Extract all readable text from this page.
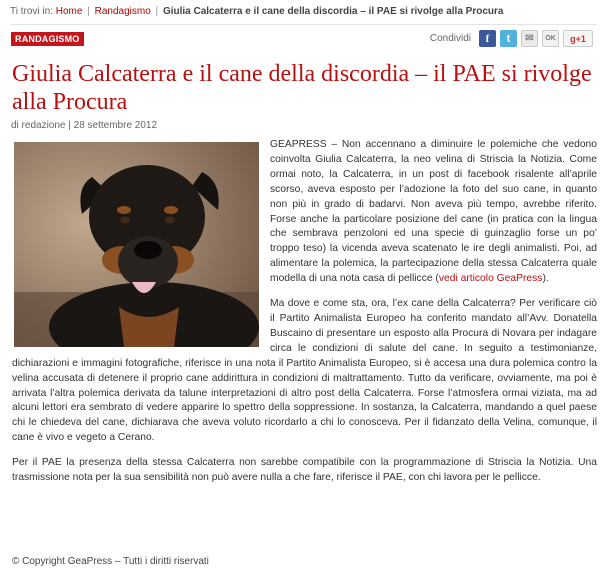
Ti trovi in: Home | Randagismo | Giulia Calcaterra e il cane della discordia – il PAE si rivolge alla Procura
RANDAGISMO	Condividi	f	t	✉	OK	g+1
Giulia Calcaterra e il cane della discordia – il PAE si rivolge alla Procura
di redazione | 28 settembre 2012

GEAPRESS – Non accennano a diminuire le polemiche che vedono coinvolta Giulia Calcaterra, la neo velina di Striscia la Notizia. Come ormai noto, la Calcaterra, in un post di facebook risalente all’aprile scorso, aveva esposto per l’adozione la foto del suo cane, in quanto non più in grado di badarvi. Non aveva più tempo, avrebbe riferito. Forse anche la particolare posizione del cane (in pratica con la lingua che sembrava penzoloni ed una specie di guinzaglio forse un po’ troppo teso) la vicenda aveva scatenato le ire degli animalisti. Poi, ad alimentare la polemica, la partecipazione della stessa Calcaterra quale modella di una nota casa di pellicce (vedi articolo GeaPress).

Ma dove e come sta, ora, l’ex cane della Calcaterra? Per verificare ciò il Partito Animalista Europeo ha conferito mandato all’Avv. Donatella Buscaino di presentare un esposto alla Procura di Novara per indagare circa le condizioni di salute del cane. In seguito a testimonianze, dichiarazioni e immagini fotografiche, riferisce in una nota il Partito Animalista Europeo, si è accesa una dura polemica contro la velina accusata di detenere il proprio cane addirittura in condizioni di maltrattamento. Tutto da verificare, ovviamente, ma poi è arrivata l’altra polemica derivata da talune interpretazioni di altro post della Calcaterra. Forse l’atmosfera ormai viziata, ma ad alcuni lettori era sembrato di vedere apparire lo spettro della soppressione. In sostanza, la Calcaterra, mandando a quel paese chi le chiedeva del cane, dichiarava che aveva voluto ricordarlo a chi lo conosceva. Per il fidanzato della Velina, comunque, il cane è vivo e vegeto a Cerano.

Per il PAE la presenza della stessa Calcaterra non sarebbe compatibile con la programmazione di Striscia la Notizia. Una trasmissione nota per la sua sensibilità non può avere nulla a che fare, riferisce il PAE, con chi lavora per le pellicce.

© Copyright GeaPress – Tutti i diritti riservati
